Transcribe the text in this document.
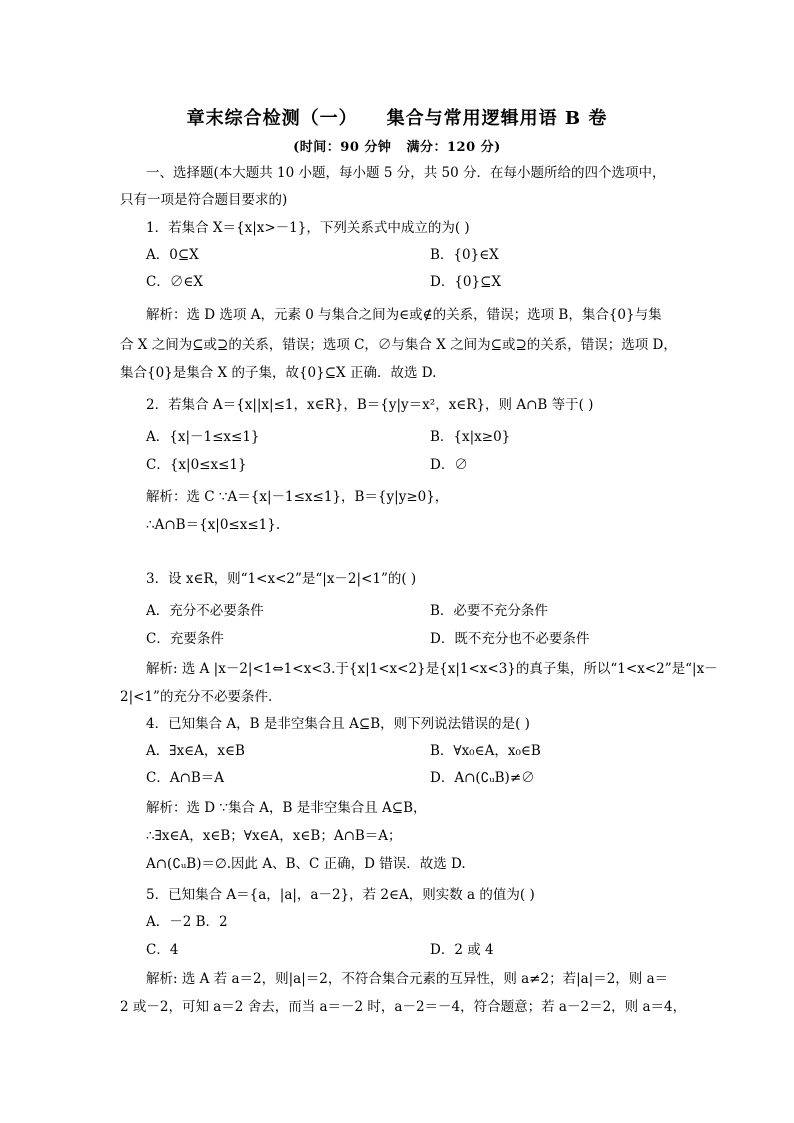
章末综合检测（一）    集合与常用逻辑用语 B 卷
(时间：90 分钟   满分：120 分)
一、选择题(本大题共 10 小题，每小题 5 分，共 50 分．在每小题所给的四个选项中，
只有一项是符合题目要求的)
1．若集合 X＝{x|x>－1}，下列关系式中成立的为( )
A．0⊆X	B．{0}∈X
C．∅∈X	D．{0}⊆X
解析：选 D 选项 A，元素 0 与集合之间为∈或∉的关系，错误；选项 B，集合{0}与集
合 X 之间为⊆或⊇的关系，错误；选项 C，∅与集合 X 之间为⊆或⊇的关系，错误；选项 D，
集合{0}是集合 X 的子集，故{0}⊆X 正确．故选 D.
2．若集合 A＝{x||x|≤1，x∈R}，B＝{y|y＝x²，x∈R}，则 A∩B 等于( )
A．{x|－1≤x≤1}	B．{x|x≥0}
C．{x|0≤x≤1}	D．∅
解析：选 C ∵A＝{x|－1≤x≤1}，B＝{y|y≥0}，
∴A∩B＝{x|0≤x≤1}.
3．设 x∈R，则“1<x<2”是“|x－2|<1”的( )
A．充分不必要条件	B．必要不充分条件
C．充要条件	D．既不充分也不必要条件
解析: 选 A |x－2|<1⇔1<x<3.于{x|1<x<2}是{x|1<x<3}的真子集，所以“1<x<2”是“|x－
2|<1”的充分不必要条件.
4．已知集合 A，B 是非空集合且 A⊆B，则下列说法错误的是( )
A．∃x∈A，x∈B	B．∀x₀∈A，x₀∈B
C．A∩B＝A	D．A∩(∁ᵤB)≠∅
解析：选 D ∵集合 A，B 是非空集合且 A⊆B，
∴∃x∈A，x∈B；∀x∈A，x∈B；A∩B＝A；
A∩(∁ᵤB)＝∅.因此 A、B、C 正确，D 错误．故选 D.
5．已知集合 A＝{a，|a|，a－2}，若 2∈A，则实数 a 的值为( )
A．－2 B．2
C．4	D．2 或 4
解析: 选 A 若 a＝2，则|a|＝2，不符合集合元素的互异性，则 a≠2；若|a|＝2，则 a＝
2 或－2，可知 a＝2 舍去，而当 a＝－2 时，a－2＝－4，符合题意；若 a－2＝2，则 a＝4，
